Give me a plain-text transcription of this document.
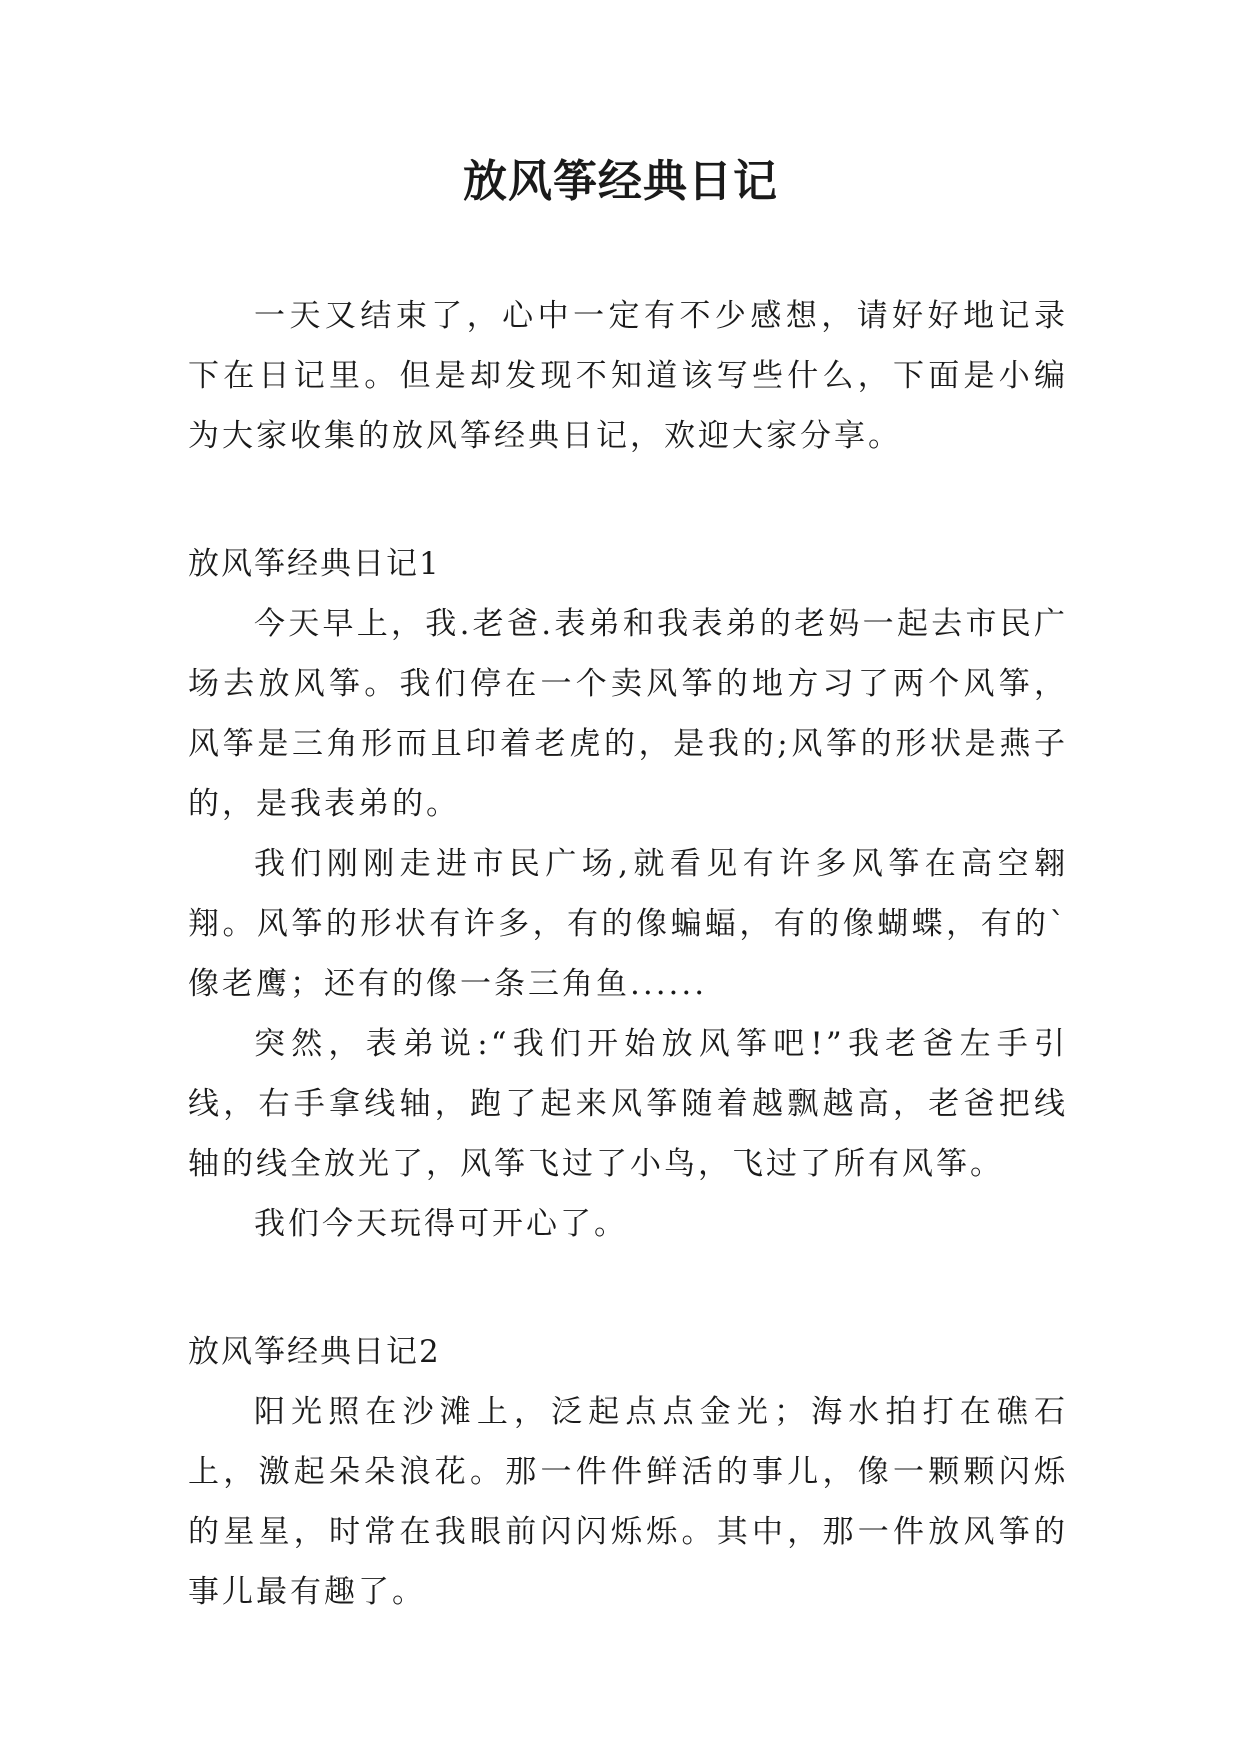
放风筝经典日记

一天又结束了，心中一定有不少感想，请好好地记录下在日记里。但是却发现不知道该写些什么，下面是小编为大家收集的放风筝经典日记，欢迎大家分享。

放风筝经典日记1

今天早上，我.老爸.表弟和我表弟的老妈一起去市民广场去放风筝。我们停在一个卖风筝的地方习了两个风筝，风筝是三角形而且印着老虎的，是我的;风筝的形状是燕子的，是我表弟的。

我们刚刚走进市民广场,就看见有许多风筝在高空翱翔。风筝的形状有许多，有的像蝙蝠，有的像蝴蝶，有的`像老鹰；还有的像一条三角鱼......

突然，表弟说:“我们开始放风筝吧!”我老爸左手引线，右手拿线轴，跑了起来风筝随着越飘越高，老爸把线轴的线全放光了，风筝飞过了小鸟，飞过了所有风筝。

我们今天玩得可开心了。

放风筝经典日记2

阳光照在沙滩上，泛起点点金光；海水拍打在礁石上，激起朵朵浪花。那一件件鲜活的事儿，像一颗颗闪烁的星星，时常在我眼前闪闪烁烁。其中，那一件放风筝的事儿最有趣了。
